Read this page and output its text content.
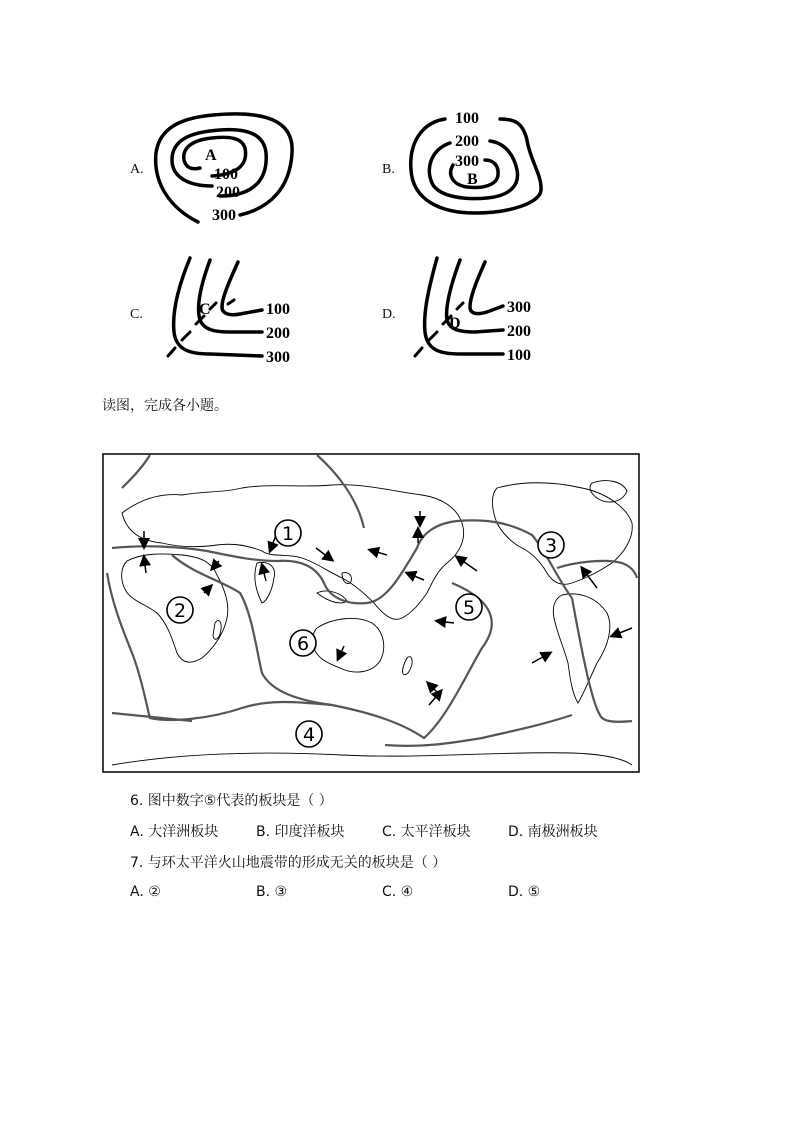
A.
A
100
200
300
B.
100
200
300
B
C.	C	100
200
300
D.
D
300
200
100
读图，完成各小题。
1
2
3
4
5
6
6. 图中数字⑤代表的板块是（ ）
A. 大洋洲板块	B. 印度洋板块	C. 太平洋板块	D. 南极洲板块
7. 与环太平洋火山地震带的形成无关的板块是（ ）
A. ②	B. ③	C. ④	D. ⑤
